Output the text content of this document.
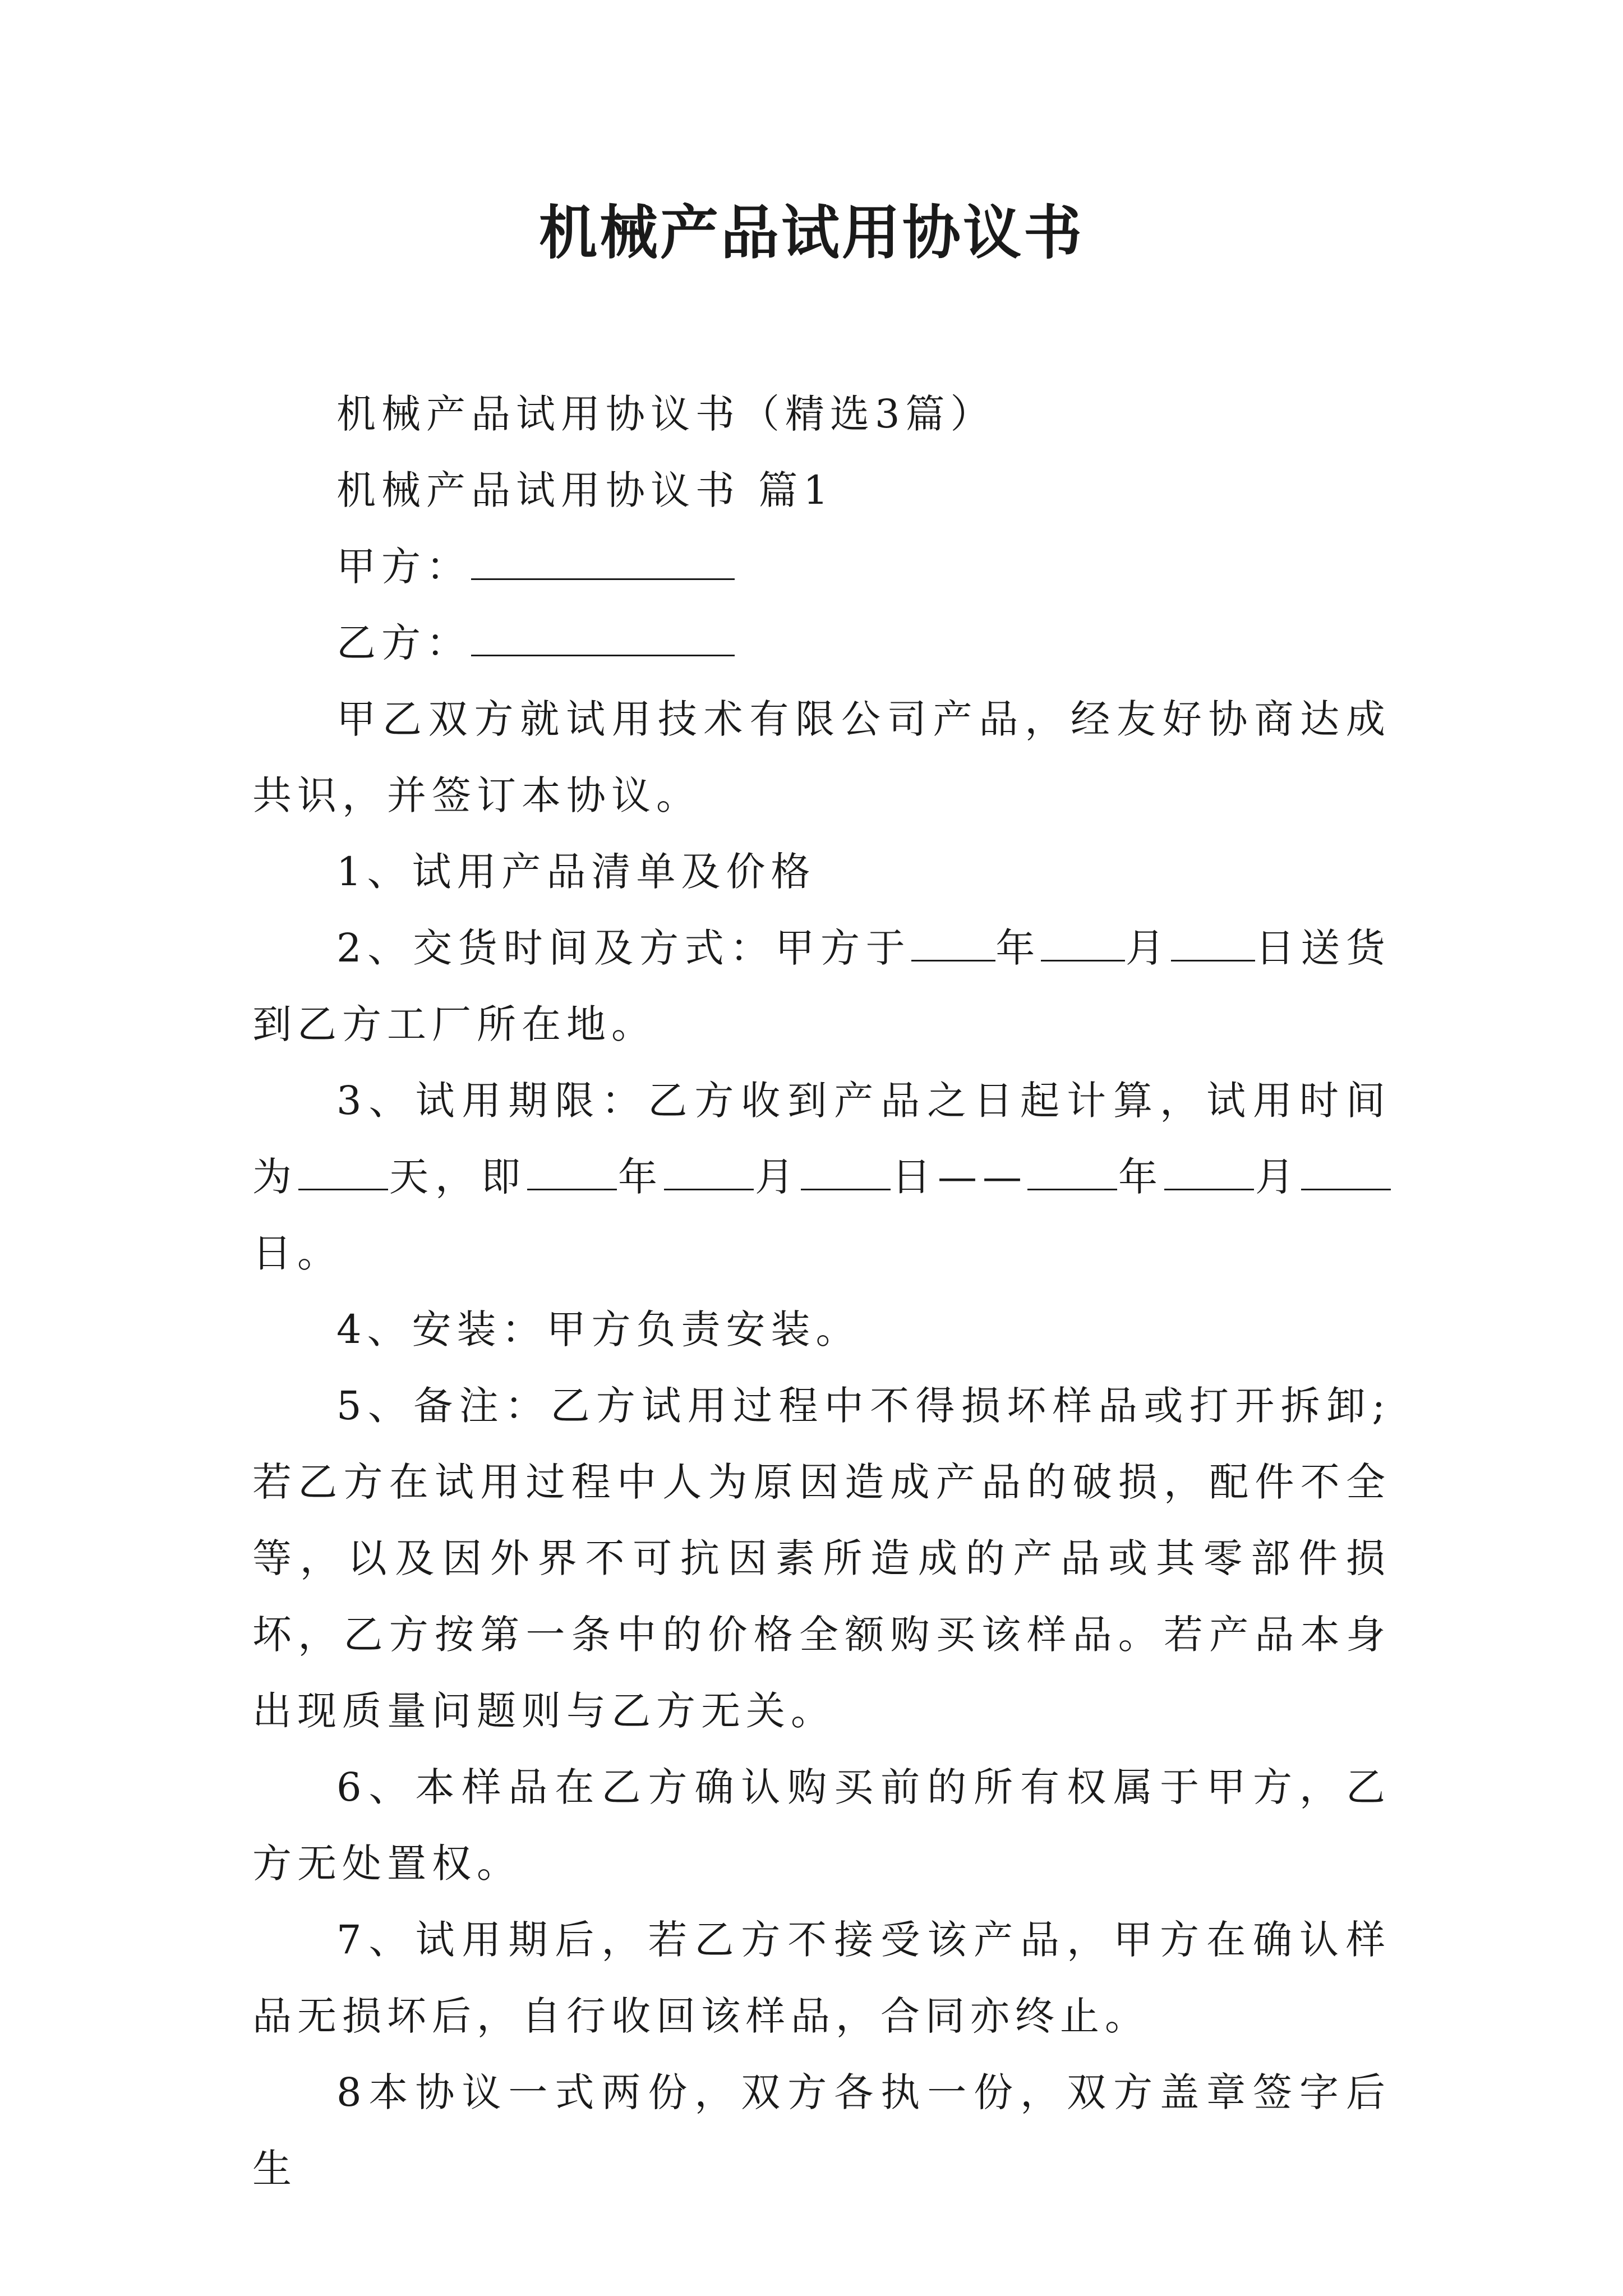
机械产品试用协议书

机械产品试用协议书（精选3篇）

机械产品试用协议书 篇1

甲方：

乙方：

甲乙双方就试用技术有限公司产品，经友好协商达成共识，并签订本协议。

1、试用产品清单及价格

2、交货时间及方式：甲方于 年 月 日送货到乙方工厂所在地。

3、试用期限：乙方收到产品之日起计算，试用时间为 天，即 年 月 日—— 年 月日。

4、安装：甲方负责安装。

5、备注：乙方试用过程中不得损坏样品或打开拆卸;若乙方在试用过程中人为原因造成产品的破损，配件不全等，以及因外界不可抗因素所造成的产品或其零部件损坏，乙方按第一条中的价格全额购买该样品。若产品本身出现质量问题则与乙方无关。

6、本样品在乙方确认购买前的所有权属于甲方，乙方无处置权。

7、试用期后，若乙方不接受该产品，甲方在确认样品无损坏后，自行收回该样品，合同亦终止。

8本协议一式两份，双方各执一份，双方盖章签字后生
